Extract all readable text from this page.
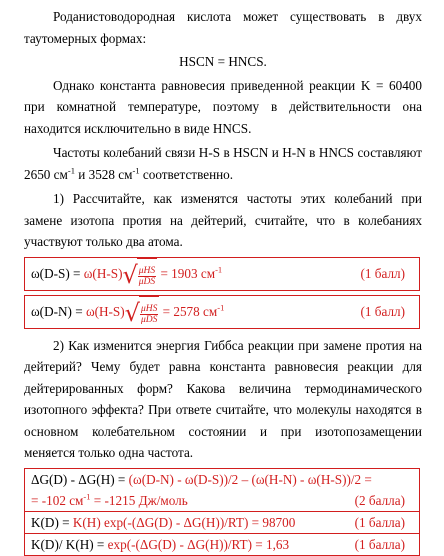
Роданистоводородная кислота может существовать в двух таутомерных формах:

HSCN = HNCS.

Однако константа равновесия приведенной реакции K = 60400 при комнатной температуре, поэтому в действительности она находится исключительно в виде HNCS.

Частоты колебаний связи H-S в HSCN и H-N в HNCS составляют 2650 $см^{-1}$ и 3528 $см^{-1}$ соответственно.

1) Рассчитайте, как изменятся частоты этих колебаний при замене изотопа протия на дейтерий, считайте, что в колебаниях участвуют только два атома.

ω(D-S) = ω(H-S) √ $\frac{\text{μHS}}{\text{μDS}} = 1903$ $см^{-1}$	(1 балл)
ω(D-N) = ω(H-S) √ $\frac{\text{μHS}}{\text{μDS}} = 2578$ $см^{-1}$	(1 балл)

2) Как изменится энергия Гиббса реакции при замене протия на дейтерий? Чему будет равна константа равновесия реакции для дейтерированных форм? Какова величина термодинамического изотопного эффекта? При ответе считайте, что молекулы находятся в основном колебательном состоянии и при изотопозамещении меняется только одна частота.

ΔG(D) - ΔG(H) = (ω(D-N) - ω(D-S))/2 – (ω(H-N) - ω(H-S))/2 =
= -102 $см^{-1} = -1215$ Дж/моль	(2 балла)
K(D) = K(H) exp(-(ΔG(D) - ΔG(H))/RT) = 98700	(1 балла)
K(D)/ K(H) = exp(-(ΔG(D) - ΔG(H))/RT) = 1,63	(1 балла)
